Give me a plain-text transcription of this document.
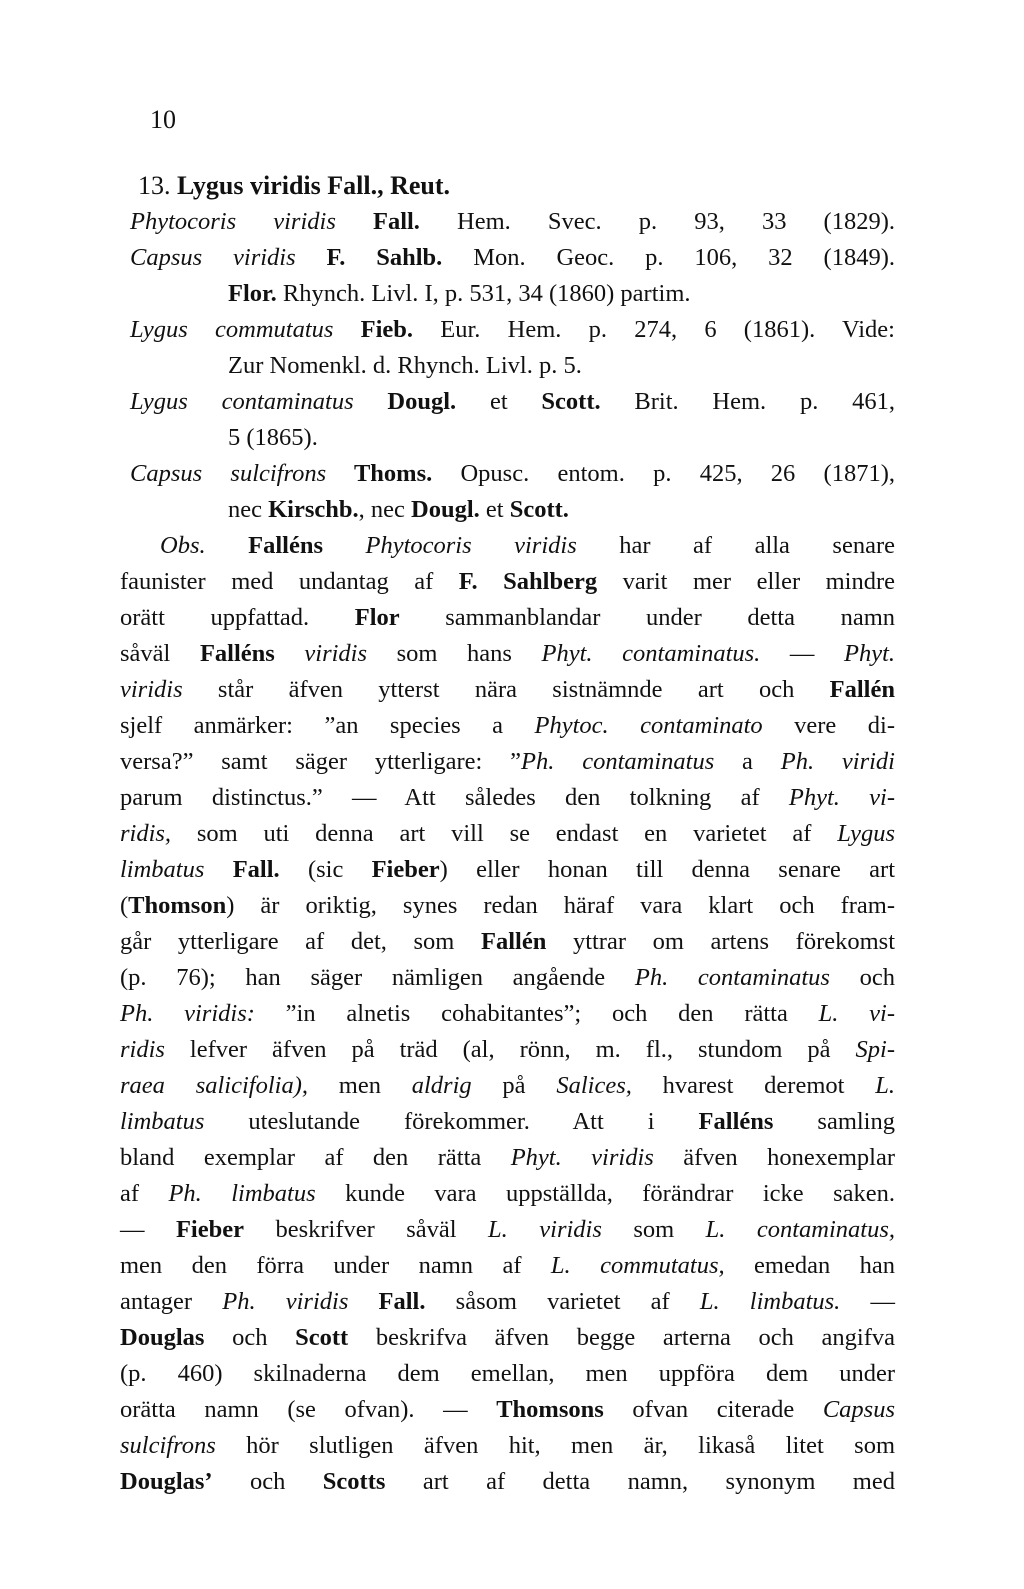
10
13. Lygus viridis Fall., Reut.
Phytocoris viridis Fall. Hem. Svec. p. 93, 33 (1829).
Capsus viridis F. Sahlb. Mon. Geoc. p. 106, 32 (1849).
Flor. Rhynch. Livl. I, p. 531, 34 (1860) partim.
Lygus commutatus Fieb. Eur. Hem. p. 274, 6 (1861). Vide:
Zur Nomenkl. d. Rhynch. Livl. p. 5.
Lygus contaminatus Dougl. et Scott. Brit. Hem. p. 461,
5 (1865).
Capsus sulcifrons Thoms. Opusc. entom. p. 425, 26 (1871),
nec Kirschb., nec Dougl. et Scott.
Obs. Falléns Phytocoris viridis har af alla senare
faunister med undantag af F. Sahlberg varit mer eller mindre
orätt uppfattad. Flor sammanblandar under detta namn
såväl Falléns viridis som hans Phyt. contaminatus. — Phyt.
viridis står äfven ytterst nära sistnämnde art och Fallén
sjelf anmärker: ”an species a Phytoc. contaminato vere di-
versa?” samt säger ytterligare: ”Ph. contaminatus a Ph. viridi
parum distinctus.” — Att således den tolkning af Phyt. vi-
ridis, som uti denna art vill se endast en varietet af Lygus
limbatus Fall. (sic Fieber) eller honan till denna senare art
(Thomson) är oriktig, synes redan häraf vara klart och fram-
går ytterligare af det, som Fallén yttrar om artens förekomst
(p. 76); han säger nämligen angående Ph. contaminatus och
Ph. viridis: ”in alnetis cohabitantes”; och den rätta L. vi-
ridis lefver äfven på träd (al, rönn, m. fl., stundom på Spi-
raea salicifolia), men aldrig på Salices, hvarest deremot L.
limbatus uteslutande förekommer. Att i Falléns samling
bland exemplar af den rätta Phyt. viridis äfven honexemplar
af Ph. limbatus kunde vara uppställda, förändrar icke saken.
— Fieber beskrifver såväl L. viridis som L. contaminatus,
men den förra under namn af L. commutatus, emedan han
antager Ph. viridis Fall. såsom varietet af L. limbatus. —
Douglas och Scott beskrifva äfven begge arterna och angifva
(p. 460) skilnaderna dem emellan, men uppföra dem under
orätta namn (se ofvan). — Thomsons ofvan citerade Capsus
sulcifrons hör slutligen äfven hit, men är, likaså litet som
Douglas’ och Scotts art af detta namn, synonym med
